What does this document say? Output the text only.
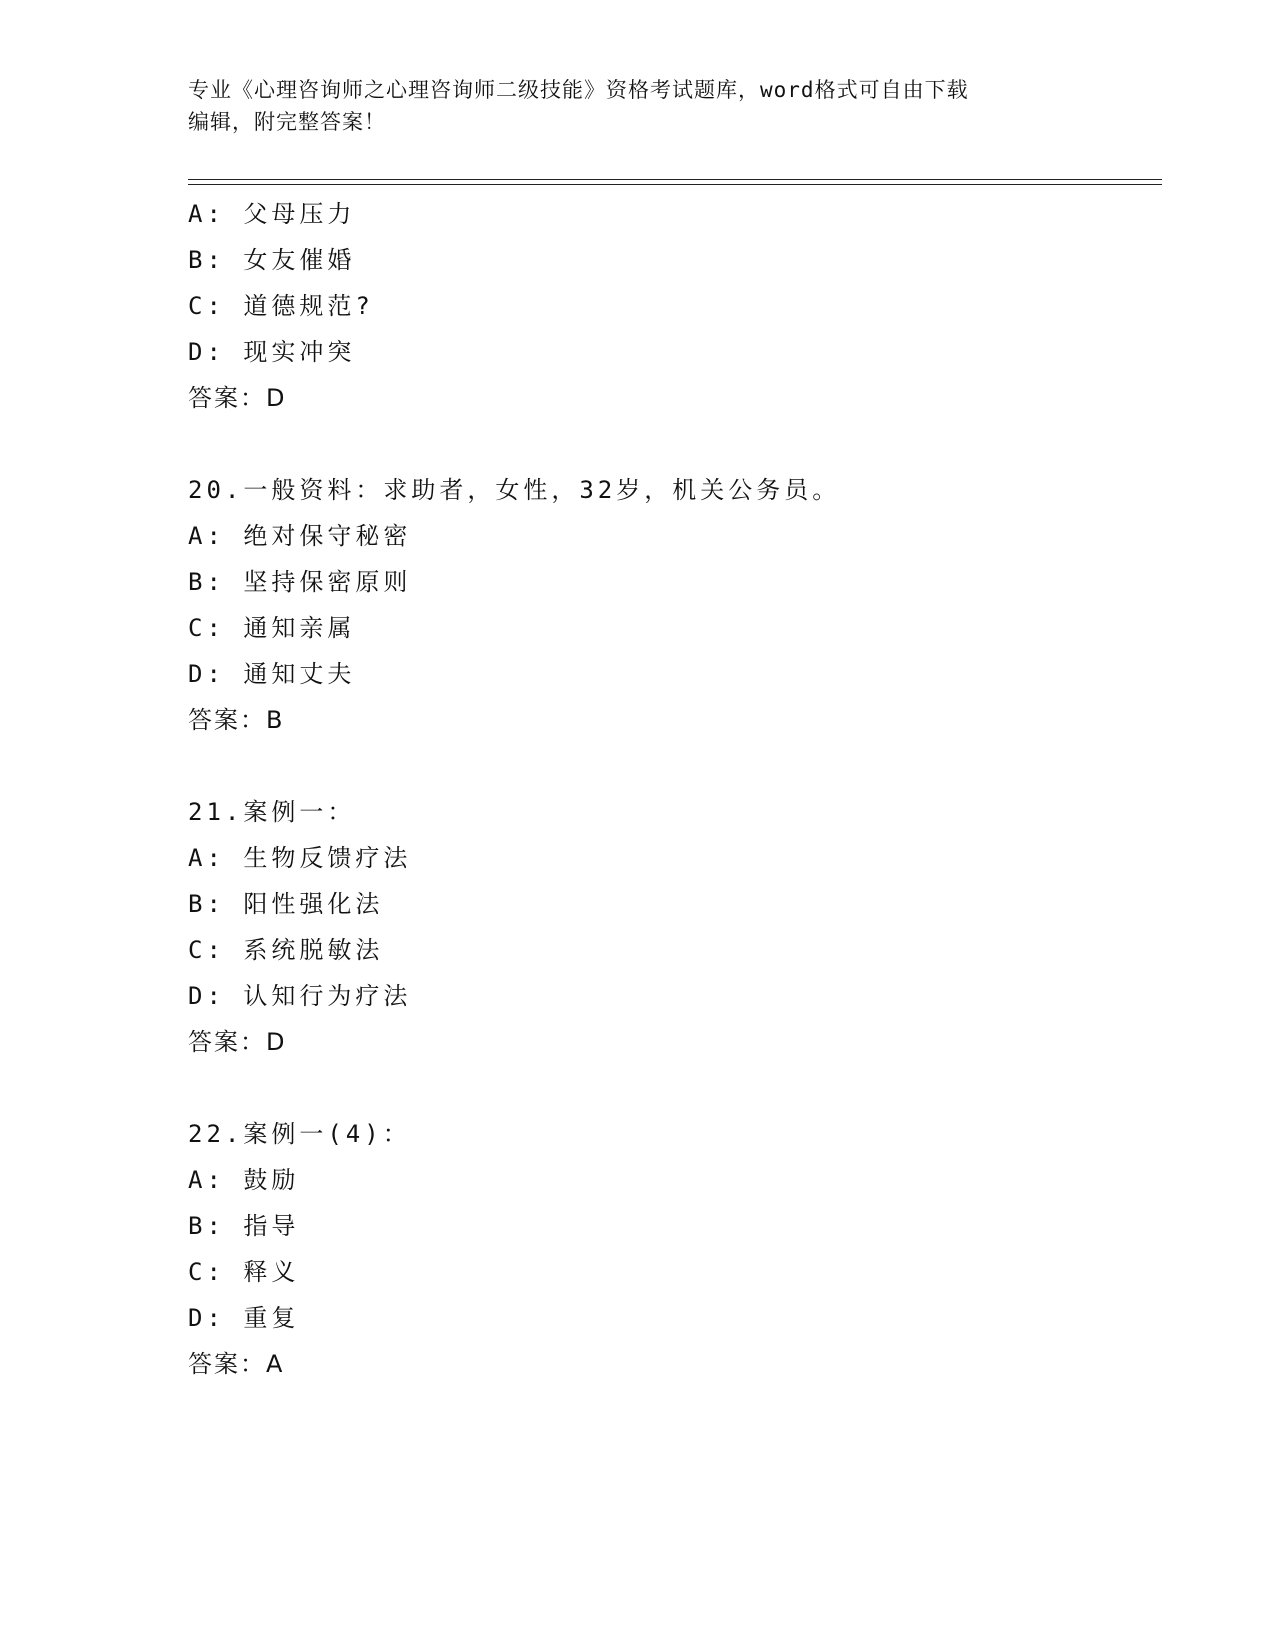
专业《心理咨询师之心理咨询师二级技能》资格考试题库，word格式可自由下载
编辑，附完整答案！
A: 父母压力
B: 女友催婚
C: 道德规范?
D: 现实冲突
答案：D
20.一般资料：求助者，女性，32岁，机关公务员。
A: 绝对保守秘密
B: 坚持保密原则
C: 通知亲属
D: 通知丈夫
答案：B
21.案例一：
A: 生物反馈疗法
B: 阳性强化法
C: 系统脱敏法
D: 认知行为疗法
答案：D
22.案例一(4)：
A: 鼓励
B: 指导
C: 释义
D: 重复
答案：A
